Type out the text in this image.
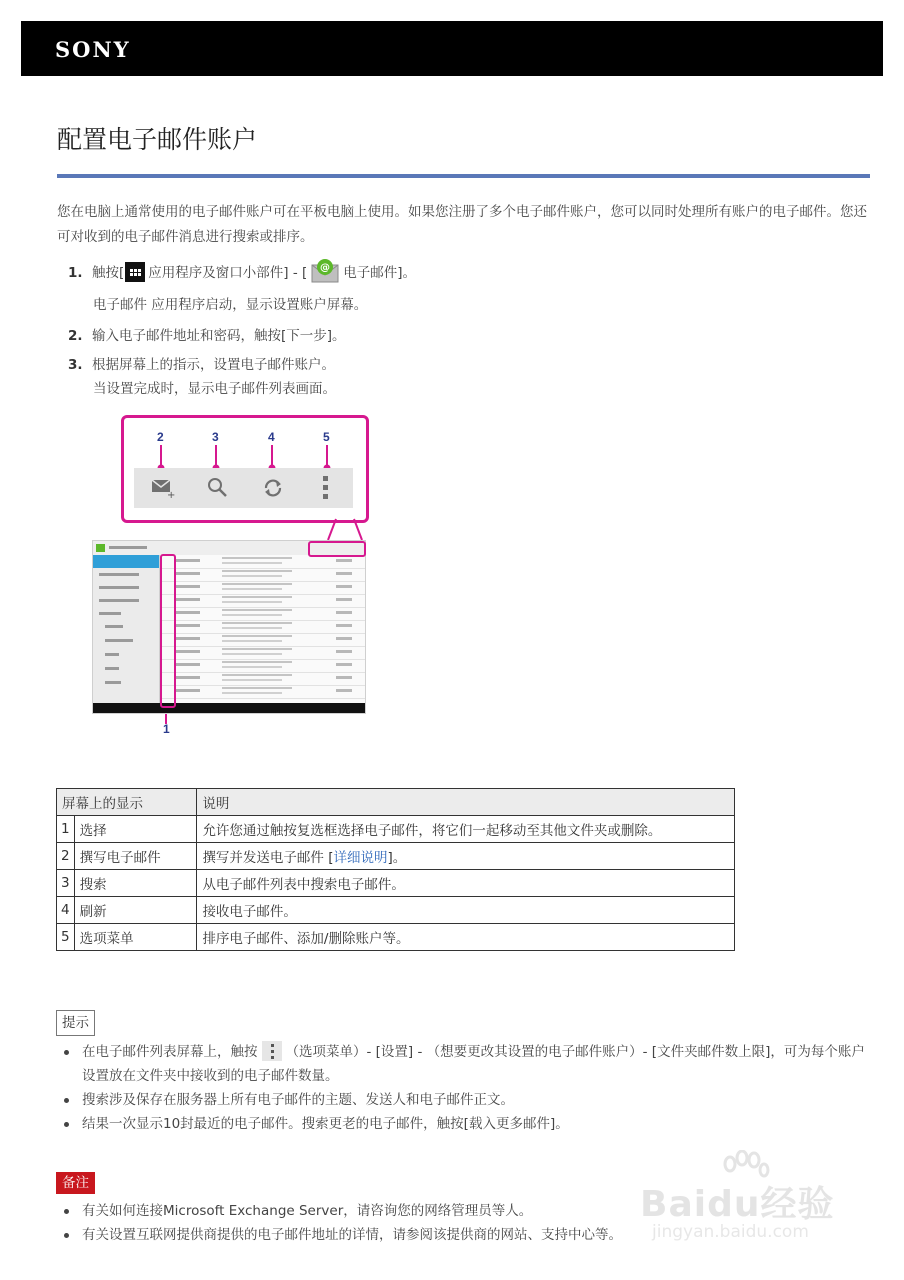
SONY
配置电子邮件账户

您在电脑上通常使用的电子邮件账户可在平板电脑上使用。如果您注册了多个电子邮件账户，您可以同时处理所有账户的电子邮件。您还可对收到的电子邮件消息进行搜索或排序。

1. 触按[ 应用程序及窗口小部件] - [ @ 电子邮件]。
电子邮件 应用程序启动，显示设置账户屏幕。
2. 输入电子邮件地址和密码，触按[下一步]。
3. 根据屏幕上的指示，设置电子邮件账户。
当设置完成时，显示电子邮件列表画面。
2	3	4	5
+
1
屏幕上的显示		说明
1	选择	允许您通过触按复选框选择电子邮件，将它们一起移动至其他文件夹或删除。
2	撰写电子邮件	撰写并发送电子邮件 [详细说明]。
3	搜索	从电子邮件列表中搜索电子邮件。
4	刷新	接收电子邮件。
5	选项菜单	排序电子邮件、添加/删除账户等。
提示
在电子邮件列表屏幕上，触按 （选项菜单）- [设置] - （想要更改其设置的电子邮件账户）- [文件夹邮件数上限]，可为每个账户设置放在文件夹中接收到的电子邮件数量。
搜索涉及保存在服务器上所有电子邮件的主题、发送人和电子邮件正文。
结果一次显示10封最近的电子邮件。搜索更老的电子邮件，触按[载入更多邮件]。
备注
有关如何连接Microsoft Exchange Server，请咨询您的网络管理员等人。
有关设置互联网提供商提供的电子邮件地址的详情，请参阅该提供商的网站、支持中心等。
Baidu经验
jingyan.baidu.com
